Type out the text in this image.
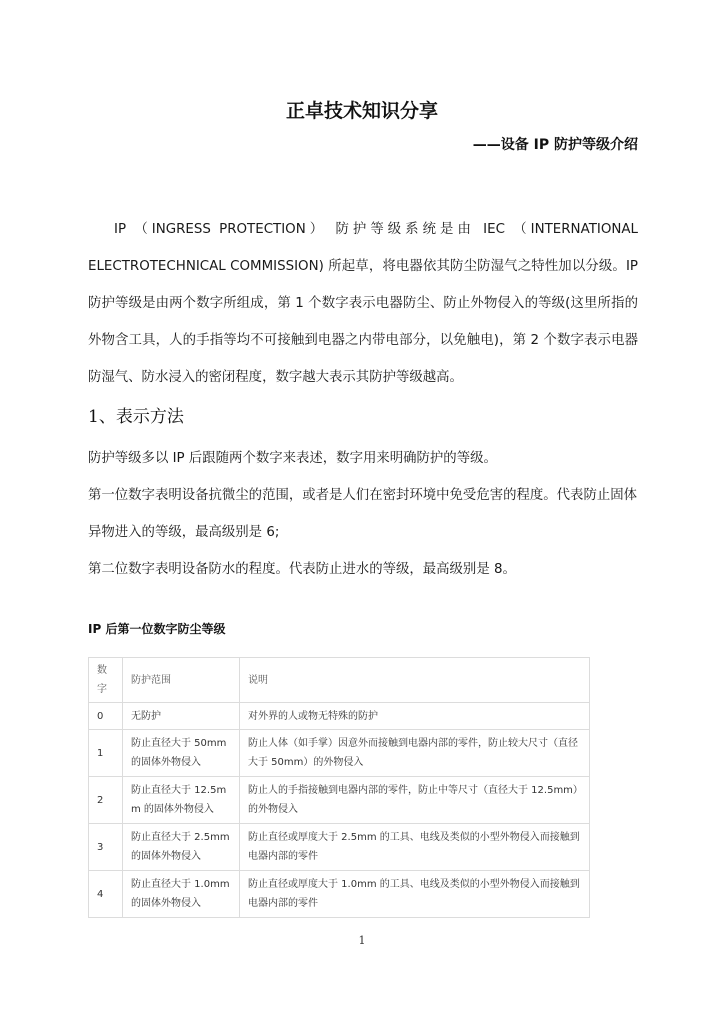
正卓技术知识分享
——设备 IP 防护等级介绍
IP （INGRESS PROTECTION） 防护等级系统是由 IEC （INTERNATIONAL ELECTROTECHNICAL COMMISSION) 所起草，将电器依其防尘防湿气之特性加以分级。IP 防护等级是由两个数字所组成，第 1 个数字表示电器防尘、防止外物侵入的等级(这里所指的外物含工具，人的手指等均不可接触到电器之内带电部分，以免触电)，第 2 个数字表示电器防湿气、防水浸入的密闭程度，数字越大表示其防护等级越高。
1、表示方法
防护等级多以 IP 后跟随两个数字来表述，数字用来明确防护的等级。
第一位数字表明设备抗微尘的范围，或者是人们在密封环境中免受危害的程度。代表防止固体异物进入的等级，最高级别是 6;
第二位数字表明设备防水的程度。代表防止进水的等级，最高级别是 8。
IP 后第一位数字防尘等级
数字	防护范围	说明
0	无防护	对外界的人或物无特殊的防护
1	防止直径大于 50mm 的固体外物侵入	防止人体（如手掌）因意外而接触到电器内部的零件，防止较大尺寸（直径大于 50mm）的外物侵入
2	防止直径大于 12.5mm 的固体外物侵入	防止人的手指接触到电器内部的零件，防止中等尺寸（直径大于 12.5mm）的外物侵入
3	防止直径大于 2.5mm 的固体外物侵入	防止直径或厚度大于 2.5mm 的工具、电线及类似的小型外物侵入而接触到电器内部的零件
4	防止直径大于 1.0mm 的固体外物侵入	防止直径或厚度大于 1.0mm 的工具、电线及类似的小型外物侵入而接触到电器内部的零件
1
